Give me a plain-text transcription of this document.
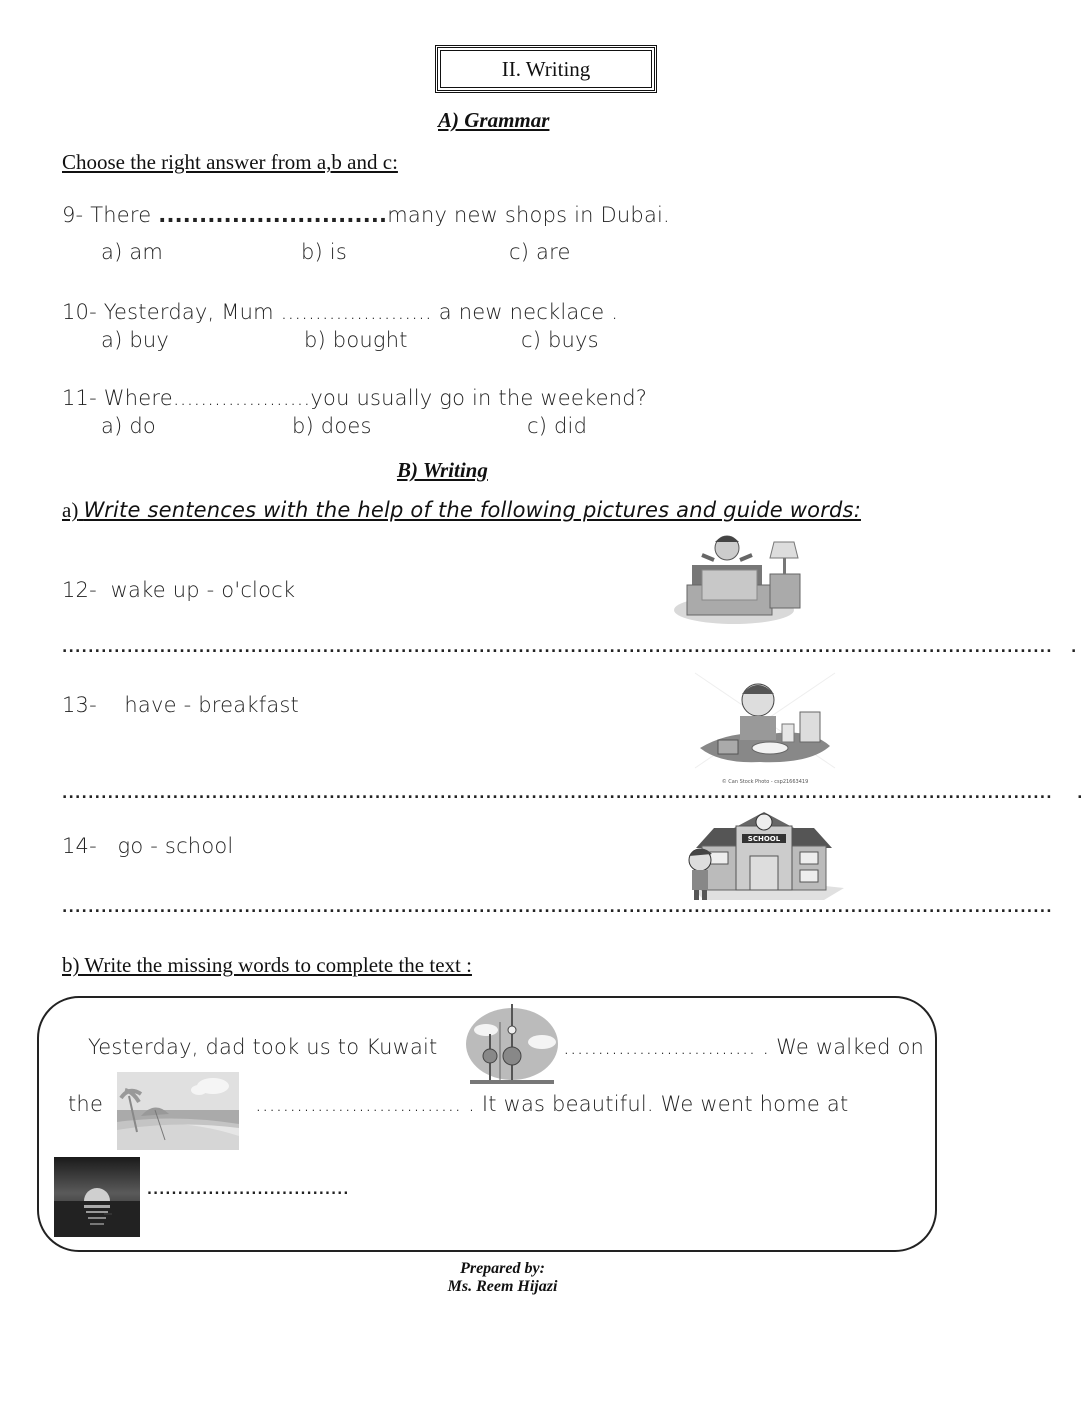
II. Writing
A) Grammar
Choose the right answer from a,b and c:
9- There ............................many new shops in Dubai.
a) am	b) is	c) are
10- Yesterday, Mum ...................... a new necklace .
a) buy	b) bought	c) buys
11- Where....................you usually go in the weekend?
a) do	b) does	c) did
B) Writing
a) Write sentences with the help of the following pictures and guide words:
12- wake up - o'clock
........................................................................................................................................................ .
13- have - breakfast
© Can Stock Photo - csp21663419
........................................................................................................................................................ .
14- go - school	SCHOOL
........................................................................................................................................................
b) Write the missing words to complete the text :
Yesterday, dad took us to Kuwait	............................ . We walked on
the	.............................. . It was beautiful. We went home at
.................................
Prepared by:
Ms. Reem Hijazi
